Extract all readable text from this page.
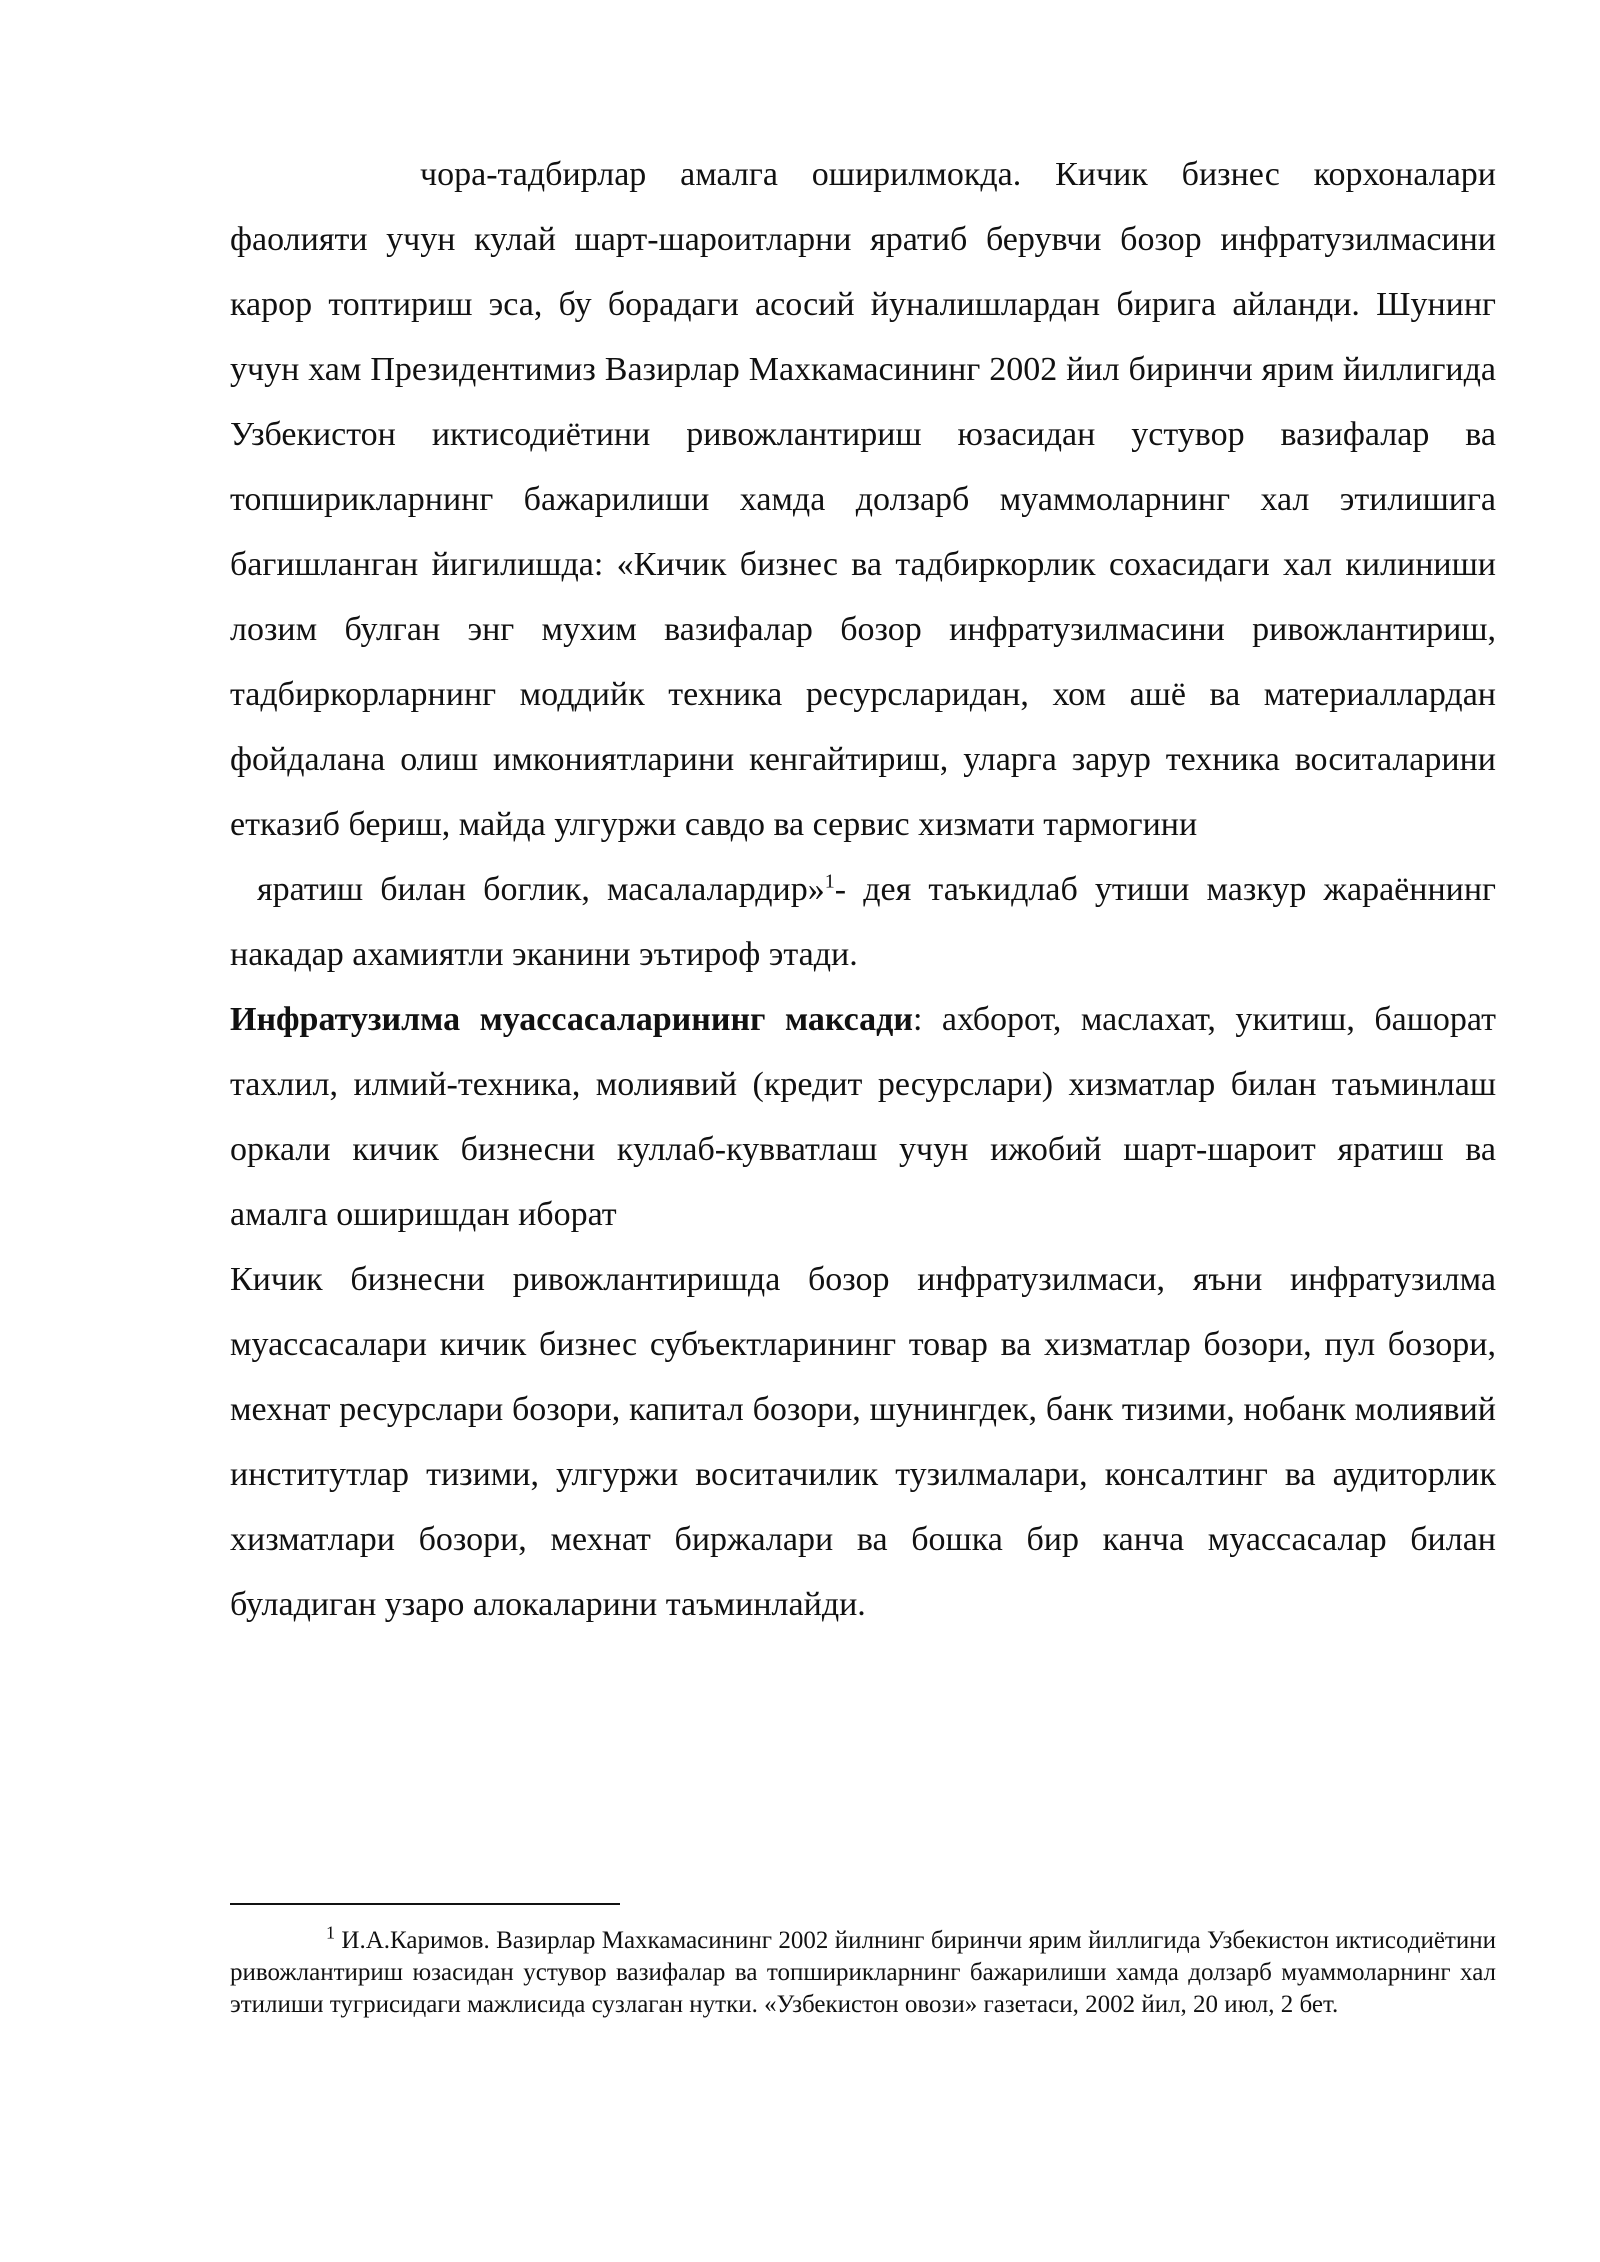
чора-тадбирлар амалга оширилмокда. Кичик бизнес корхоналари фаолияти учун кулай шарт-шароитларни яратиб берувчи бозор инфратузилмасини карор топтириш эса, бу борадаги асосий йуналишлардан бирига айланди. Шунинг учун хам Президентимиз Вазирлар Махкамасининг 2002 йил биринчи ярим йиллигида Узбекистон иктисодиётини ривожлантириш юзасидан устувор вазифалар ва топширикларнинг бажарилиши хамда долзарб муаммоларнинг хал этилишига багишланган йигилишда: «Кичик бизнес ва тадбиркорлик сохасидаги хал килиниши лозим булган энг мухим вазифалар бозор инфратузилмасини ривожлантириш, тадбиркорларнинг моддийк техника ресурсларидан, хом ашё ва материаллардан фойдалана олиш имкониятларини кенгайтириш, уларга зарур техника воситаларини етказиб бериш, майда улгуржи савдо ва сервис хизмати тармогини

яратиш билан боглик, масалалардир»$^1$- дея таъкидлаб утиши мазкур жараённинг накадар ахамиятли эканини эътироф этади.

Инфратузилма муассасаларининг максади: ахборот, маслахат, укитиш, башорат тахлил, илмий-техника, молиявий (кредит ресурслари) хизматлар билан таъминлаш оркали кичик бизнесни куллаб-кувватлаш учун ижобий шарт-шароит яратиш ва амалга оширишдан иборат

Кичик бизнесни ривожлантиришда бозор инфратузилмаси, яъни инфратузилма муассасалари кичик бизнес субъектларининг товар ва хизматлар бозори, пул бозори, мехнат ресурслари бозори, капитал бозори, шунингдек, банк тизими, нобанк молиявий институтлар тизими, улгуржи воситачилик тузилмалари, консалтинг ва аудиторлик хизматлари бозори, мехнат биржалари ва бошка бир канча муассасалар билан буладиган узаро алокаларини таъминлайди.

$^1$ И.А.Каримов. Вазирлар Махкамасининг 2002 йилнинг биринчи ярим йиллигида Узбекистон иктисодиётини ривожлантириш юзасидан устувор вазифалар ва топширикларнинг бажарилиши хамда долзарб муаммоларнинг хал этилиши тугрисидаги мажлисида сузлаган нутки. «Узбекистон овози» газетаси, 2002 йил, 20 июл, 2 бет.
